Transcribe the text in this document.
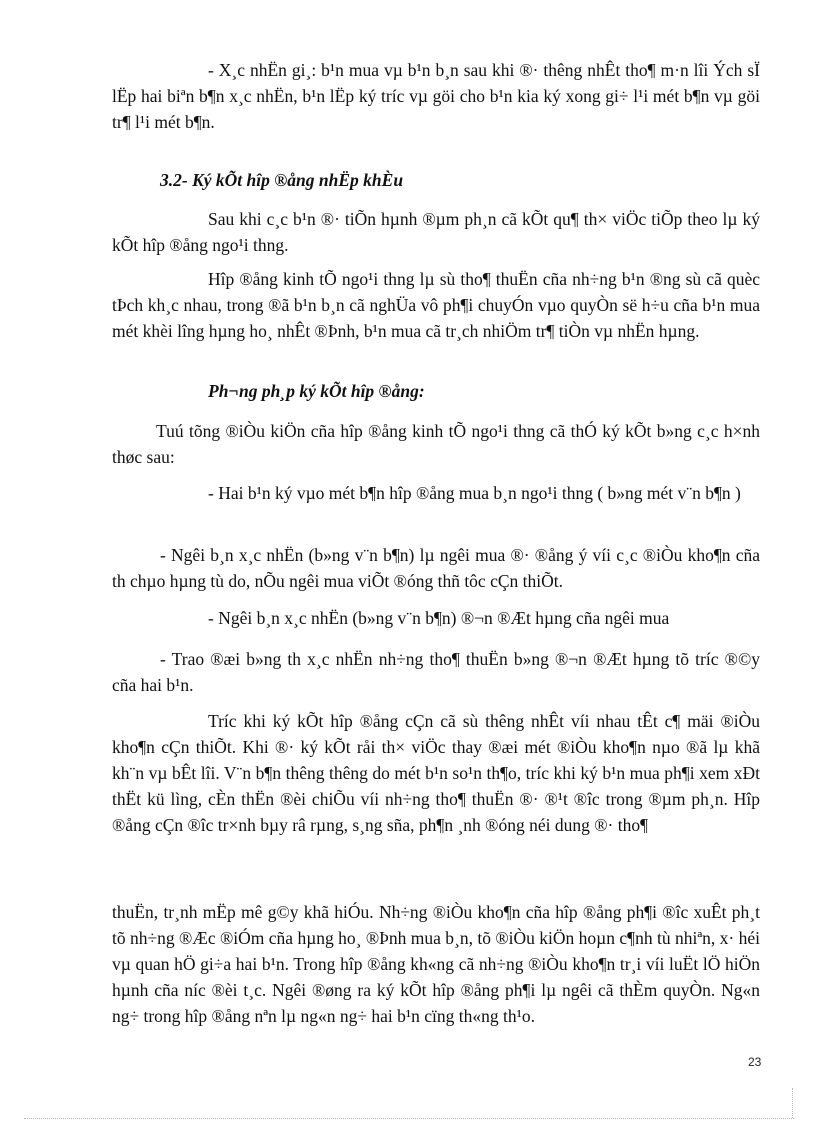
- X¸c nhËn gi¸: b¹n mua vµ b¹n b¸n sau khi ®· thêng nhÊt tho¶ m·n lîi Ých sÏ lËp hai biªn b¶n x¸c nhËn, b¹n lËp ký tríc vµ göi cho b¹n kia ký xong gi÷ l¹i mét b¶n vµ göi tr¶ l¹i mét b¶n.

3.2- Ký kÕt hîp ®ång nhËp khÈu

Sau khi c¸c b¹n ®· tiÕn hµnh ®µm ph¸n cã kÕt qu¶ th× viÖc tiÕp theo lµ ký kÕt hîp ®ång ngo¹i thng.

Hîp ®ång kinh tÕ ngo¹i thng lµ sù tho¶ thuËn cña nh÷ng b¹n ®ng sù cã quèc tÞch kh¸c nhau, trong ®ã b¹n b¸n cã nghÜa vô ph¶i chuyÓn vµo quyÒn së h÷u cña b¹n mua mét khèi lîng hµng ho¸ nhÊt ®Þnh, b¹n mua cã tr¸ch nhiÖm tr¶ tiÒn vµ nhËn hµng.

Ph¬ng ph¸p ký kÕt hîp ®ång:

Tuú tõng ®iÒu kiÖn cña hîp ®ång kinh tÕ ngo¹i thng cã thÓ ký kÕt b»ng c¸c h×nh thøc sau:

- Hai b¹n ký vµo mét b¶n hîp ®ång mua b¸n ngo¹i thng ( b»ng mét v¨n b¶n )

- Ngêi b¸n x¸c nhËn (b»ng v¨n b¶n) lµ ngêi mua ®· ®ång ý víi c¸c ®iÒu kho¶n cña th chµo hµng tù do, nÕu ngêi mua viÕt ®óng thñ tôc cÇn thiÕt.

- Ngêi b¸n x¸c nhËn (b»ng v¨n b¶n) ®¬n ®Æt hµng cña ngêi mua

- Trao ®æi b»ng th x¸c nhËn nh÷ng tho¶ thuËn b»ng ®¬n ®Æt hµng tõ tríc ®©y cña hai b¹n.

Tríc khi ký kÕt hîp ®ång cÇn cã sù thêng nhÊt víi nhau tÊt c¶ mäi ®iÒu kho¶n cÇn thiÕt. Khi ®· ký kÕt råi th× viÖc thay ®æi mét ®iÒu kho¶n nµo ®ã lµ khã kh¨n vµ bÊt lîi. V¨n b¶n thêng thêng do mét b¹n so¹n th¶o, tríc khi ký b¹n mua ph¶i xem xÐt thËt kü lìng, cÈn thËn ®èi chiÕu víi nh÷ng tho¶ thuËn ®· ®¹t ®îc trong ®µm ph¸n. Hîp ®ång cÇn ®îc tr×nh bµy râ rµng, s¸ng sña, ph¶n ¸nh ®óng néi dung ®· tho¶

thuËn, tr¸nh mËp mê g©y khã hiÓu. Nh÷ng ®iÒu kho¶n cña hîp ®ång ph¶i ®îc xuÊt ph¸t tõ nh÷ng ®Æc ®iÓm cña hµng ho¸ ®Þnh mua b¸n, tõ ®iÒu kiÖn hoµn c¶nh tù nhiªn, x· héi vµ quan hÖ gi÷a hai b¹n. Trong hîp ®ång kh«ng cã nh÷ng ®iÒu kho¶n tr¸i víi luËt lÖ hiÖn hµnh cña níc ®èi t¸c. Ngêi ®øng ra ký kÕt hîp ®ång ph¶i lµ ngêi cã thÈm quyÒn. Ng«n ng÷ trong hîp ®ång nªn lµ ng«n ng÷ hai b¹n cïng th«ng th¹o.

23
